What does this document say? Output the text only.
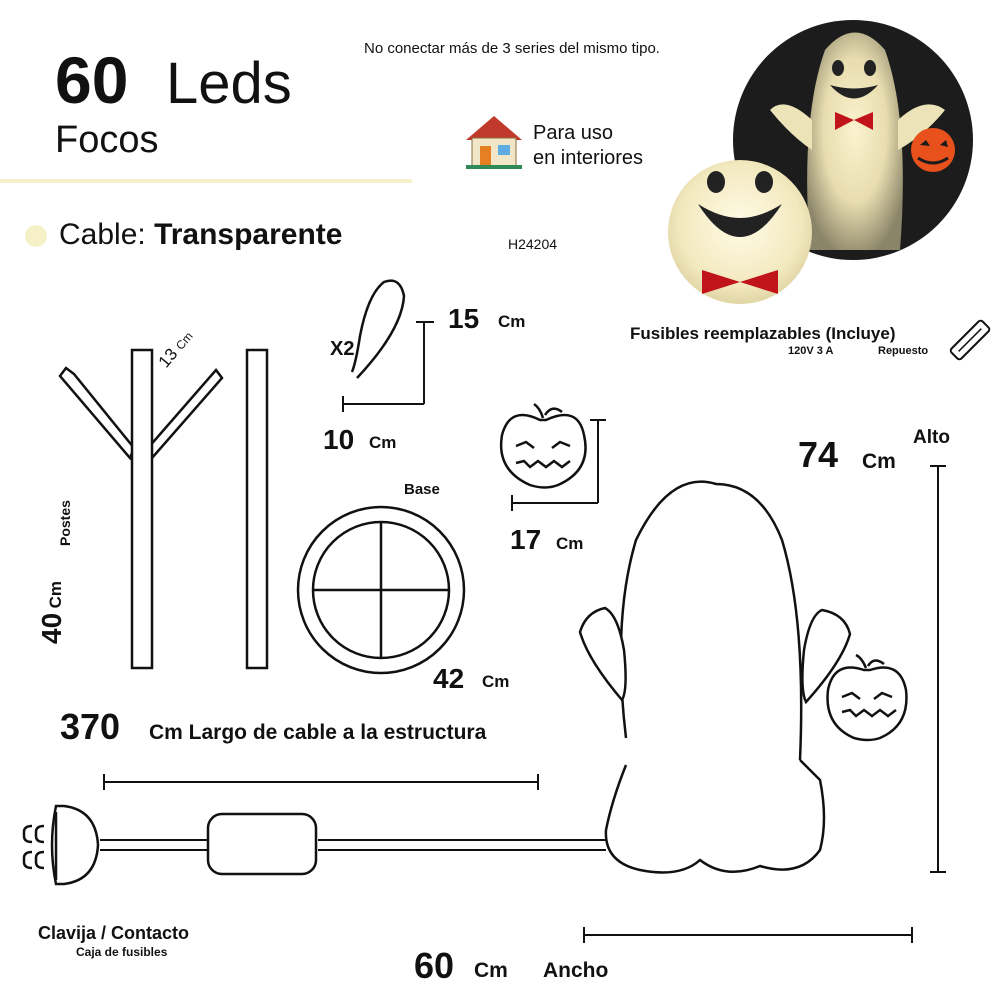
60 Leds
Focos
No conectar más de 3 series del mismo tipo.
Para uso
en interiores
Cable: Transparente	H24204
Fusibles reemplazables (Incluye)
120V 3 A	Repuesto
X2
15 Cm
10 Cm
13 Cm
40 Cm
Postes
Base
42 Cm
17 Cm
74 Cm
Alto
60 Cm Ancho
370 Cm Largo de cable a la estructura
Clavija / Contacto
Caja de fusibles
